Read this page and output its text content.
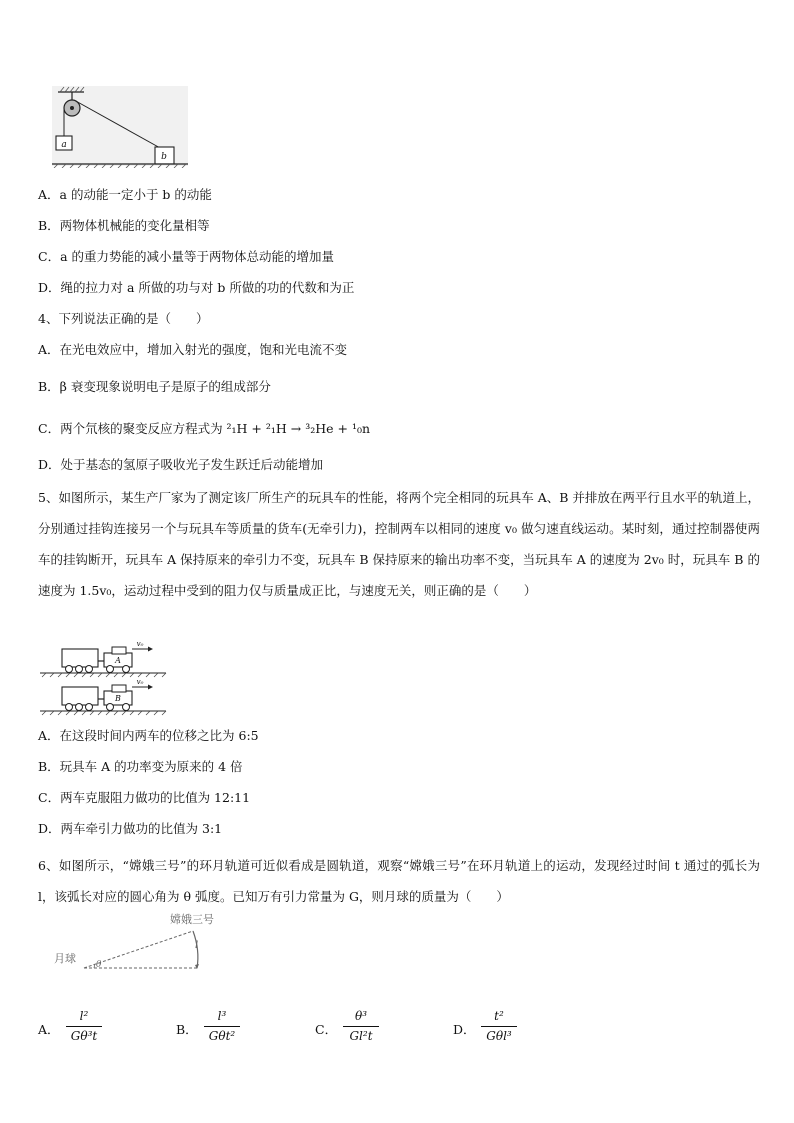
a
b
A．a 的动能一定小于 b 的动能
B．两物体机械能的变化量相等
C．a 的重力势能的减小量等于两物体总动能的增加量
D．绳的拉力对 a 所做的功与对 b 所做的功的代数和为正
4、下列说法正确的是（　　）
A．在光电效应中，增加入射光的强度，饱和光电流不变
B．β 衰变现象说明电子是原子的组成部分
C．两个氘核的聚变反应方程式为 ²₁H + ²₁H → ³₂He + ¹₀n
D．处于基态的氢原子吸收光子发生跃迁后动能增加
5、如图所示，某生产厂家为了测定该厂所生产的玩具车的性能，将两个完全相同的玩具车 A、B 并排放在两平行且水平的轨道上，分别通过挂钩连接另一个与玩具车等质量的货车(无牵引力)，控制两车以相同的速度 v₀ 做匀速直线运动。某时刻，通过控制器使两车的挂钩断开，玩具车 A 保持原来的牵引力不变，玩具车 B 保持原来的输出功率不变，当玩具车 A 的速度为 2v₀ 时，玩具车 B 的速度为 1.5v₀，运动过程中受到的阻力仅与质量成正比，与速度无关，则正确的是（　　）
A
v₀
B
v₀
A．在这段时间内两车的位移之比为 6:5
B．玩具车 A 的功率变为原来的 4 倍
C．两车克服阻力做功的比值为 12:11
D．两车牵引力做功的比值为 3:1
6、如图所示，“嫦娥三号”的环月轨道可近似看成是圆轨道，观察“嫦娥三号”在环月轨道上的运动，发现经过时间 t 通过的弧长为 l，该弧长对应的圆心角为 θ 弧度。已知万有引力常量为 G，则月球的质量为（　　）
嫦娥三号
月球 θ
l
A．
l²
Gθ³t	B．
l³
Gθt²	C．
θ³
Gl²t	D．
t²
Gθl³
